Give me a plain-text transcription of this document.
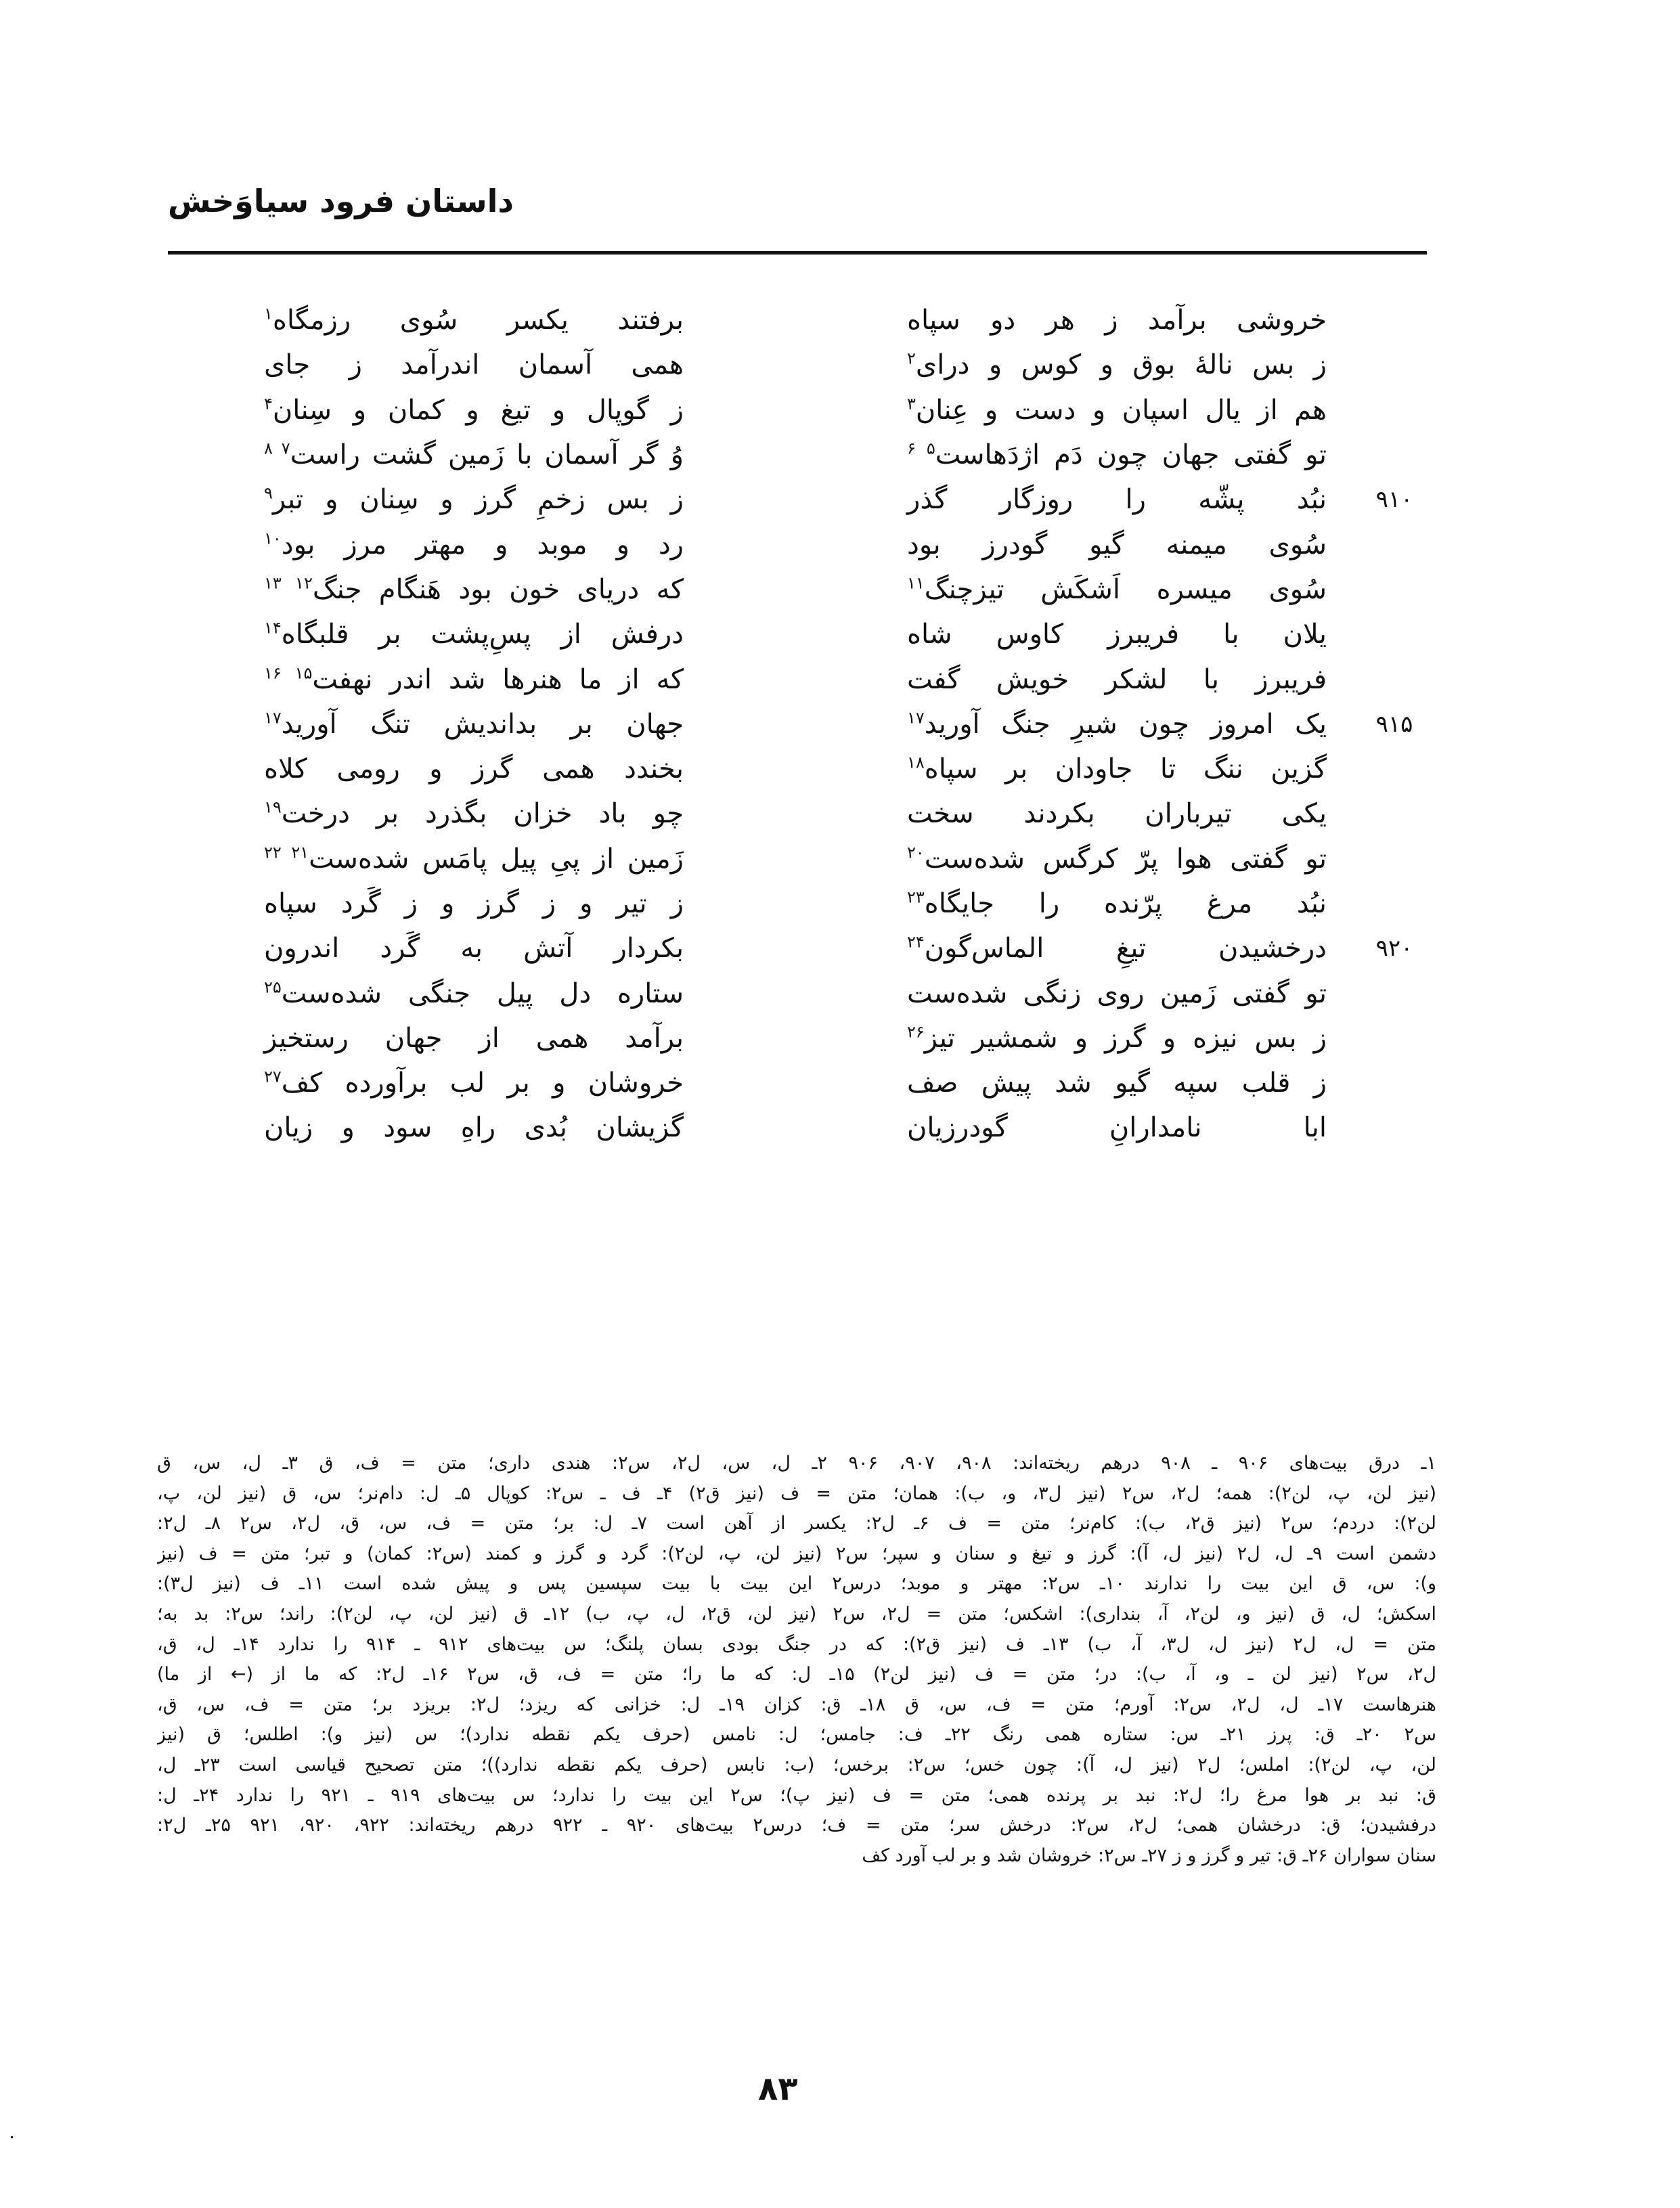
داستان فرود سیاوَخش
خروشی برآمد ز هر دو سپاه
برفتند یکسر سُوی رزمگاه$^۱$
ز بس نالهٔ بوق و کوس و درای$^۲$
همی آسمان اندرآمد ز جای
هم از یال اسپان و دست و عِنان$^۳$
ز گوپال و تیغ و کمان و سِنان$^۴$
تو گفتی جهان چون دَم اژدَهاست$^{۵ ۶}$
وُ گر آسمان با زَمین گشت راست$^{۷ ۸}$
۹۱۰
نبُد پشّه را روزگار گذر
ز بس زخمِ گرز و سِنان و تبر$^۹$
سُوی میمنه گیو گودرز بود
رد و موبد و مهتر مرز بود$^{۱۰}$
سُوی میسره اَشکَش تیزچنگ$^{۱۱}$
که دریای خون بود هَنگام جنگ$^{۱۲ ۱۳}$
یلان با فریبرز کاوس شاه
درفش از پسِ‌پشت بر قلبگاه$^{۱۴}$
فریبرز با لشکر خویش گفت
که از ما هنرها شد اندر نهفت$^{۱۵ ۱۶}$
۹۱۵
یک امروز چون شیرِ جنگ آورید$^{۱۷}$
جهان بر بداندیش تنگ آورید$^{۱۷}$
گزین ننگ تا جاودان بر سپاه$^{۱۸}$
بخندد همی گرز و رومی کلاه
یکی تیرباران بکردند سخت
چو باد خزان بگذرد بر درخت$^{۱۹}$
تو گفتی هوا پرّ کرگس شده‌ست$^{۲۰}$
زَمین از پیِ پیل پامَس شده‌ست$^{۲۱ ۲۲}$
نبُد مرغ پرّنده را جایگاه$^{۲۳}$
ز تیر و ز گرز و ز گَرد سپاه
۹۲۰
درخشیدن تیغِ الماس‌گون$^{۲۴}$
بکردار آتش به گَرد اندرون
تو گفتی زَمین روی زنگی شده‌ست
ستاره دل پیل جنگی شده‌ست$^{۲۵}$
ز بس نیزه و گرز و شمشیر تیز$^{۲۶}$
برآمد همی از جهان رستخیز
ز قلب سپه گیو شد پیش صف
خروشان و بر لب برآورده کف$^{۲۷}$
ابا نامدارانِ گودرزیان
گزیشان بُدی راهِ سود و زیان
۱ـ درق بیت‌های ۹۰۶ ـ ۹۰۸ درهم ریخته‌اند: ۹۰۸، ۹۰۷، ۹۰۶ ۲ـ ل، س، ل۲، س۲: هندی داری؛ متن = ف، ق ۳ـ ل، س، ق
(نیز لن، پ، لن۲): همه؛ ل۲، س۲ (نیز ل۳، و، ب): همان؛ متن = ف (نیز ق۲) ۴ـ ف ـ س۲: کوپال ۵ـ ل: دام‌نر؛ س، ق (نیز لن، پ،
لن۲): دردم؛ س۲ (نیز ق۲، ب): کام‌نر؛ متن = ف ۶ـ ل۲: یکسر از آهن است ۷ـ ل: بر؛ متن = ف، س، ق، ل۲، س۲ ۸ـ ل۲:
دشمن است ۹ـ ل، ل۲ (نیز ل، آ): گرز و تیغ و سنان و سپر؛ س۲ (نیز لن، پ، لن۲): گرد و گرز و کمند (س۲: کمان) و تبر؛ متن = ف (نیز
و): س، ق این بیت را ندارند ۱۰ـ س۲: مهتر و موبد؛ درس۲ این بیت با بیت سپسین پس و پیش شده است ۱۱ـ ف (نیز ل۳):
اسکش؛ ل، ق (نیز و، لن۲، آ، بنداری): اشکس؛ متن = ل۲، س۲ (نیز لن، ق۲، ل، پ، ب) ۱۲ـ ق (نیز لن، پ، لن۲): راند؛ س۲: بد به؛
متن = ل، ل۲ (نیز ل، ل۳، آ، ب) ۱۳ـ ف (نیز ق۲): که در جنگ بودی بسان پلنگ؛ س بیت‌های ۹۱۲ ـ ۹۱۴ را ندارد ۱۴ـ ل، ق،
ل۲، س۲ (نیز لن ـ و، آ، ب): در؛ متن = ف (نیز لن۲) ۱۵ـ ل: که ما را؛ متن = ف، ق، س۲ ۱۶ـ ل۲: که ما از (← از ما)
هنرهاست ۱۷ـ ل، ل۲، س۲: آورم؛ متن = ف، س، ق ۱۸ـ ق: کزان ۱۹ـ ل: خزانی که ریزد؛ ل۲: بریزد بر؛ متن = ف، س، ق،
س۲ ۲۰ـ ق: پرز ۲۱ـ س: ستاره همی رنگ ۲۲ـ ف: جامس؛ ل: نامس (حرف یکم نقطه ندارد)؛ س (نیز و): اطلس؛ ق (نیز
لن، پ، لن۲): املس؛ ل۲ (نیز ل، آ): چون خس؛ س۲: برخس؛ (ب: نابس (حرف یکم نقطه ندارد))؛ متن تصحیح قیاسی است ۲۳ـ ل،
ق: نبد بر هوا مرغ را؛ ل۲: نبد بر پرنده همی؛ متن = ف (نیز پ)؛ س۲ این بیت را ندارد؛ س بیت‌های ۹۱۹ ـ ۹۲۱ را ندارد ۲۴ـ ل:
درفشیدن؛ ق: درخشان همی؛ ل۲، س۲: درخش سر؛ متن = ف؛ درس۲ بیت‌های ۹۲۰ ـ ۹۲۲ درهم ریخته‌اند: ۹۲۲، ۹۲۰، ۹۲۱ ۲۵ـ ل۲:
سنان سواران ۲۶ـ ق: تیر و گرز و ز ۲۷ـ س۲: خروشان شد و بر لب آورد کف
۸۳
